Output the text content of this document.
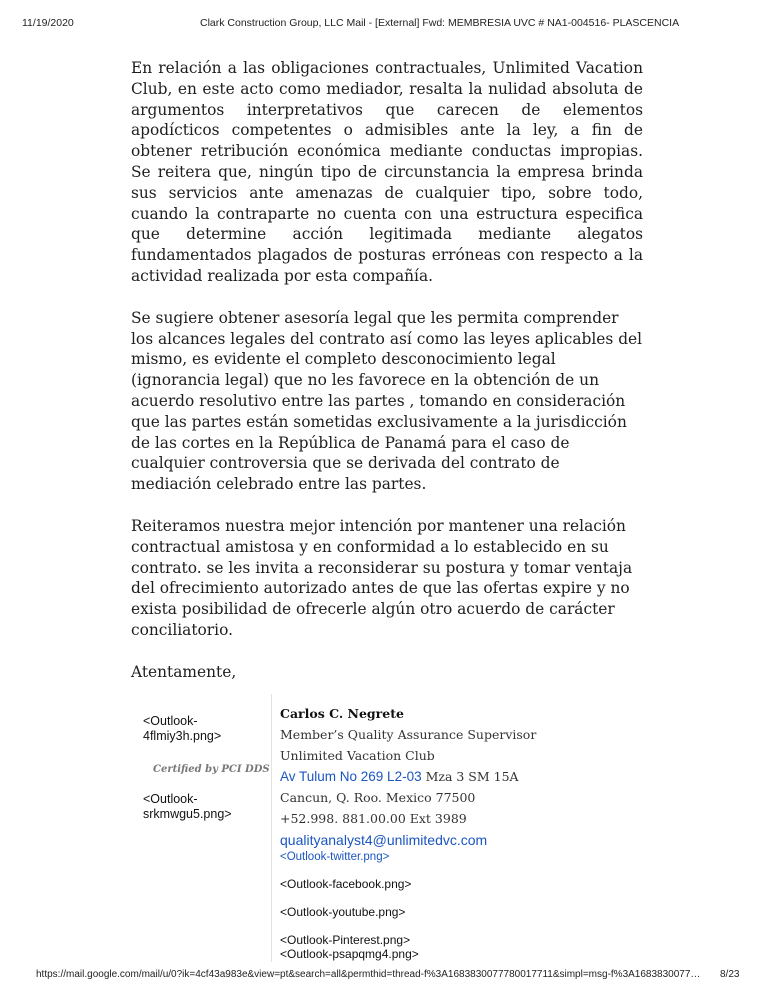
11/19/2020	Clark Construction Group, LLC Mail - [External] Fwd: MEMBRESIA UVC # NA1-004516- PLASCENCIA

En relación a las obligaciones contractuales, Unlimited Vacation Club, en este acto como mediador, resalta la nulidad absoluta de argumentos interpretativos que carecen de elementos apodícticos competentes o admisibles ante la ley, a fin de obtener retribución económica mediante conductas impropias. Se reitera que, ningún tipo de circunstancia la empresa brinda sus servicios ante amenazas de cualquier tipo, sobre todo, cuando la contraparte no cuenta con una estructura especifica que determine acción legitimada mediante alegatos fundamentados plagados de posturas erróneas con respecto a la actividad realizada por esta compañía.

Se sugiere obtener asesoría legal que les permita comprender los alcances legales del contrato así como las leyes aplicables del mismo, es evidente el completo desconocimiento legal (ignorancia legal) que no les favorece en la obtención de un acuerdo resolutivo entre las partes , tomando en consideración que las partes están sometidas exclusivamente a la jurisdicción de las cortes en la República de Panamá para el caso de cualquier controversia que se derivada del contrato de mediación celebrado entre las partes.

Reiteramos nuestra mejor intención por mantener una relación contractual amistosa y en conformidad a lo establecido en su contrato. se les invita a reconsiderar su postura y tomar ventaja del ofrecimiento autorizado antes de que las ofertas expire y no exista posibilidad de ofrecerle algún otro acuerdo de carácter conciliatorio.

Atentamente,

<Outlook-4flmiy3h.png>
Certified by PCI DDS
<Outlook-srkmwgu5.png>
Carlos C. Negrete
Member’s Quality Assurance Supervisor
Unlimited Vacation Club
Av Tulum No 269 L2-03 Mza 3 SM 15A
Cancun, Q. Roo. Mexico 77500
+52.998. 881.00.00 Ext 3989
qualityanalyst4@unlimitedvc.com
<Outlook-twitter.png>
<Outlook-facebook.png>
<Outlook-youtube.png>
<Outlook-Pinterest.png>
<Outlook-psapqmg4.png>
https://mail.google.com/mail/u/0?ik=4cf43a983e&view=pt&search=all&permthid=thread-f%3A1683830077780017711&simpl=msg-f%3A1683830077…	8/23
